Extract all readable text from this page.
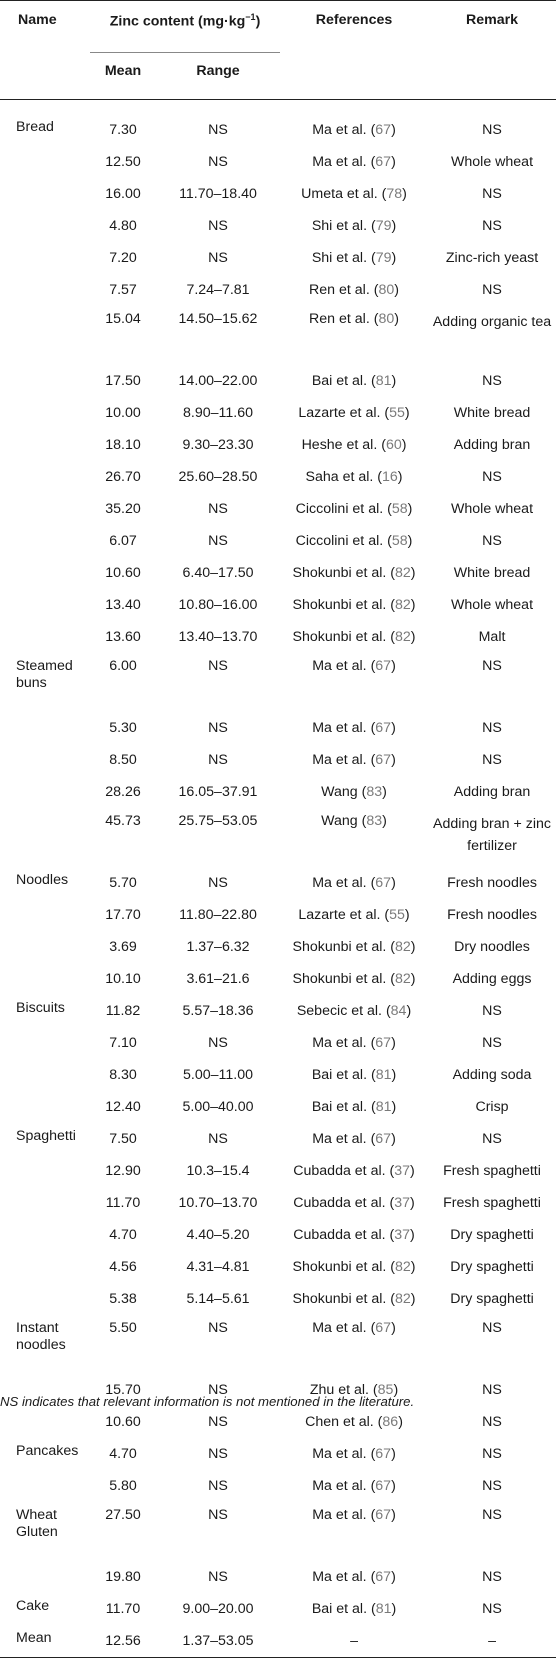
Name	Zinc content $(mg\cdot kg^{-1})$		References	Remark
	Mean	Range		

Bread	7.30	NS	Ma et al. (67)	NS
	12.50	NS	Ma et al. (67)	Whole wheat
	16.00	11.70–18.40	Umeta et al. (78)	NS
	4.80	NS	Shi et al. (79)	NS
	7.20	NS	Shi et al. (79)	Zinc-rich yeast
	7.57	7.24–7.81	Ren et al. (80)	NS
	15.04	14.50–15.62	Ren et al. (80)	Adding organic tea
	17.50	14.00–22.00	Bai et al. (81)	NS
	10.00	8.90–11.60	Lazarte et al. (55)	White bread
	18.10	9.30–23.30	Heshe et al. (60)	Adding bran
	26.70	25.60–28.50	Saha et al. (16)	NS
	35.20	NS	Ciccolini et al. (58)	Whole wheat
	6.07	NS	Ciccolini et al. (58)	NS
	10.60	6.40–17.50	Shokunbi et al. (82)	White bread
	13.40	10.80–16.00	Shokunbi et al. (82)	Whole wheat
	13.60	13.40–13.70	Shokunbi et al. (82)	Malt
Steamed buns	6.00	NS	Ma et al. (67)	NS
	5.30	NS	Ma et al. (67)	NS
	8.50	NS	Ma et al. (67)	NS
	28.26	16.05–37.91	Wang (83)	Adding bran
	45.73	25.75–53.05	Wang (83)	Adding bran + zinc fertilizer
Noodles	5.70	NS	Ma et al. (67)	Fresh noodles
	17.70	11.80–22.80	Lazarte et al. (55)	Fresh noodles
	3.69	1.37–6.32	Shokunbi et al. (82)	Dry noodles
	10.10	3.61–21.6	Shokunbi et al. (82)	Adding eggs
Biscuits	11.82	5.57–18.36	Sebecic et al. (84)	NS
	7.10	NS	Ma et al. (67)	NS
	8.30	5.00–11.00	Bai et al. (81)	Adding soda
	12.40	5.00–40.00	Bai et al. (81)	Crisp
Spaghetti	7.50	NS	Ma et al. (67)	NS
	12.90	10.3–15.4	Cubadda et al. (37)	Fresh spaghetti
	11.70	10.70–13.70	Cubadda et al. (37)	Fresh spaghetti
	4.70	4.40–5.20	Cubadda et al. (37)	Dry spaghetti
	4.56	4.31–4.81	Shokunbi et al. (82)	Dry spaghetti
	5.38	5.14–5.61	Shokunbi et al. (82)	Dry spaghetti
Instant noodles	5.50	NS	Ma et al. (67)	NS
	15.70	NS	Zhu et al. (85)	NS
	10.60	NS	Chen et al. (86)	NS
Pancakes	4.70	NS	Ma et al. (67)	NS
	5.80	NS	Ma et al. (67)	NS
Wheat Gluten	27.50	NS	Ma et al. (67)	NS
	19.80	NS	Ma et al. (67)	NS
Cake	11.70	9.00–20.00	Bai et al. (81)	NS
Mean	12.56	1.37–53.05	–	–
NS indicates that relevant information is not mentioned in the literature.
